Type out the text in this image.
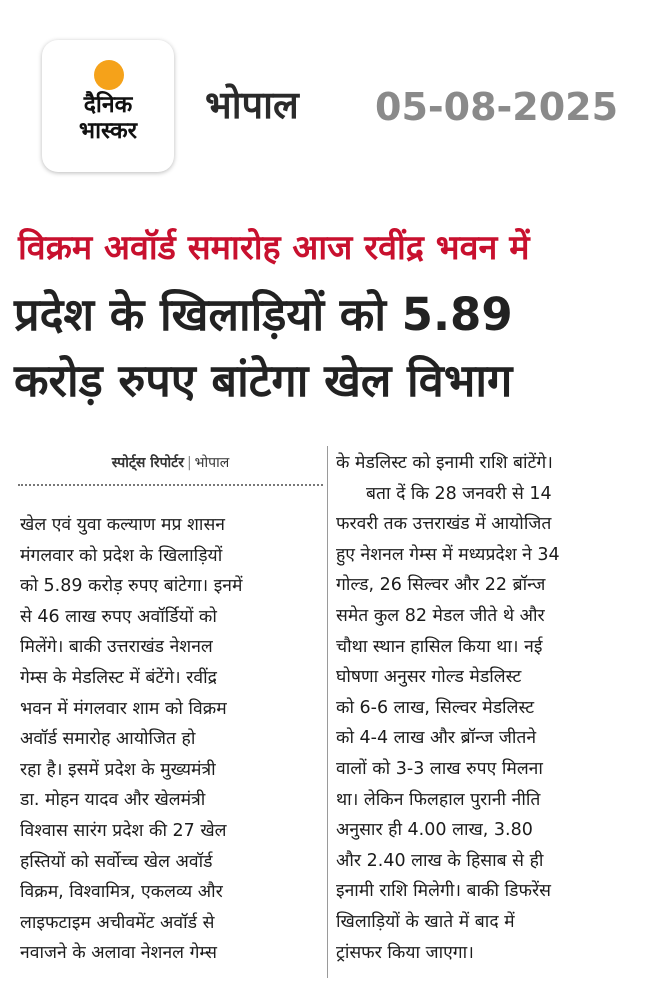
दैनिक
भास्कर
भोपाल 05-08-2025
विक्रम अवॉर्ड समारोह आज रवींद्र भवन में
प्रदेश के खिलाड़ियों को 5.89
करोड़ रुपए बांटेगा खेल विभाग
स्पोर्ट्स रिपोर्टर | भोपाल
खेल एवं युवा कल्याण मप्र शासन
मंगलवार को प्रदेश के खिलाड़ियों
को 5.89 करोड़ रुपए बांटेगा। इनमें
से 46 लाख रुपए अवॉर्डियों को
मिलेंगे। बाकी उत्तराखंड नेशनल
गेम्स के मेडलिस्ट में बंटेंगे। रवींद्र
भवन में मंगलवार शाम को विक्रम
अवॉर्ड समारोह आयोजित हो
रहा है। इसमें प्रदेश के मुख्यमंत्री
डा. मोहन यादव और खेलमंत्री
विश्वास सारंग प्रदेश की 27 खेल
हस्तियों को सर्वोच्च खेल अवॉर्ड
विक्रम, विश्वामित्र, एकलव्य और
लाइफटाइम अचीवमेंट अवॉर्ड से
नवाजने के अलावा नेशनल गेम्स
के मेडलिस्ट को इनामी राशि बांटेंगे।
बता दें कि 28 जनवरी से 14
फरवरी तक उत्तराखंड में आयोजित
हुए नेशनल गेम्स में मध्यप्रदेश ने 34
गोल्ड, 26 सिल्वर और 22 ब्रॉन्ज
समेत कुल 82 मेडल जीते थे और
चौथा स्थान हासिल किया था। नई
घोषणा अनुसर गोल्ड मेडलिस्ट
को 6-6 लाख, सिल्वर मेडलिस्ट
को 4-4 लाख और ब्रॉन्ज जीतने
वालों को 3-3 लाख रुपए मिलना
था। लेकिन फिलहाल पुरानी नीति
अनुसार ही 4.00 लाख, 3.80
और 2.40 लाख के हिसाब से ही
इनामी राशि मिलेगी। बाकी डिफरेंस
खिलाड़ियों के खाते में बाद में
ट्रांसफर किया जाएगा।
